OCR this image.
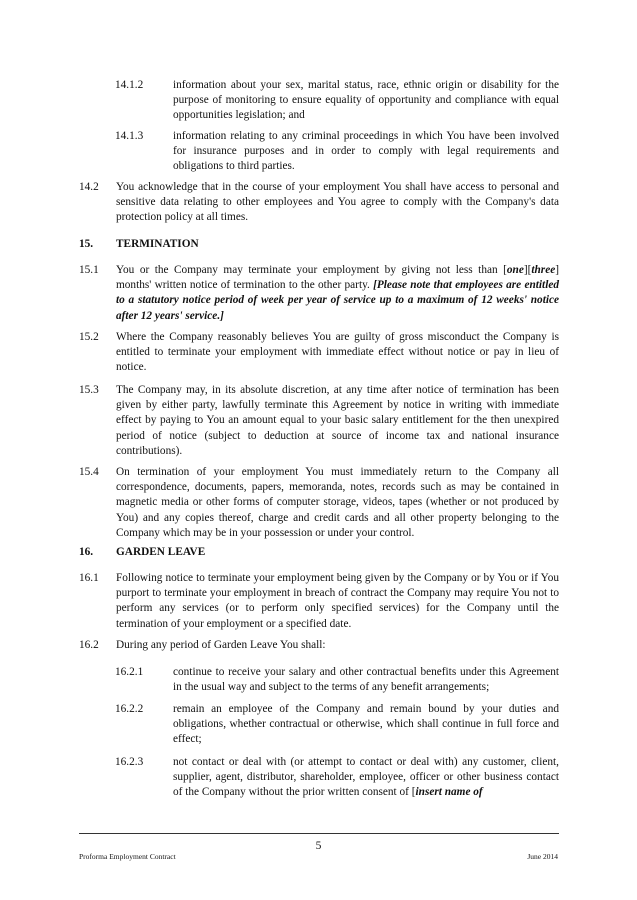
14.1.2	information about your sex, marital status, race, ethnic origin or disability for the purpose of monitoring to ensure equality of opportunity and compliance with equal opportunities legislation; and
14.1.3	information relating to any criminal proceedings in which You have been involved for insurance purposes and in order to comply with legal requirements and obligations to third parties.
14.2 You acknowledge that in the course of your employment You shall have access to personal and sensitive data relating to other employees and You agree to comply with the Company's data protection policy at all times.
15. TERMINATION
15.1 You or the Company may terminate your employment by giving not less than [one][three] months' written notice of termination to the other party. [Please note that employees are entitled to a statutory notice period of week per year of service up to a maximum of 12 weeks' notice after 12 years' service.]
15.2 Where the Company reasonably believes You are guilty of gross misconduct the Company is entitled to terminate your employment with immediate effect without notice or pay in lieu of notice.
15.3 The Company may, in its absolute discretion, at any time after notice of termination has been given by either party, lawfully terminate this Agreement by notice in writing with immediate effect by paying to You an amount equal to your basic salary entitlement for the then unexpired period of notice (subject to deduction at source of income tax and national insurance contributions).
15.4 On termination of your employment You must immediately return to the Company all correspondence, documents, papers, memoranda, notes, records such as may be contained in magnetic media or other forms of computer storage, videos, tapes (whether or not produced by You) and any copies thereof, charge and credit cards and all other property belonging to the Company which may be in your possession or under your control.
16. GARDEN LEAVE
16.1 Following notice to terminate your employment being given by the Company or by You or if You purport to terminate your employment in breach of contract the Company may require You not to perform any services (or to perform only specified services) for the Company until the termination of your employment or a specified date.
16.2 During any period of Garden Leave You shall:
16.2.1	continue to receive your salary and other contractual benefits under this Agreement in the usual way and subject to the terms of any benefit arrangements;
16.2.2	remain an employee of the Company and remain bound by your duties and obligations, whether contractual or otherwise, which shall continue in full force and effect;
16.2.3	not contact or deal with (or attempt to contact or deal with) any customer, client, supplier, agent, distributor, shareholder, employee, officer or other business contact of the Company without the prior written consent of [insert name of
5
Proforma Employment Contract	June 2014
